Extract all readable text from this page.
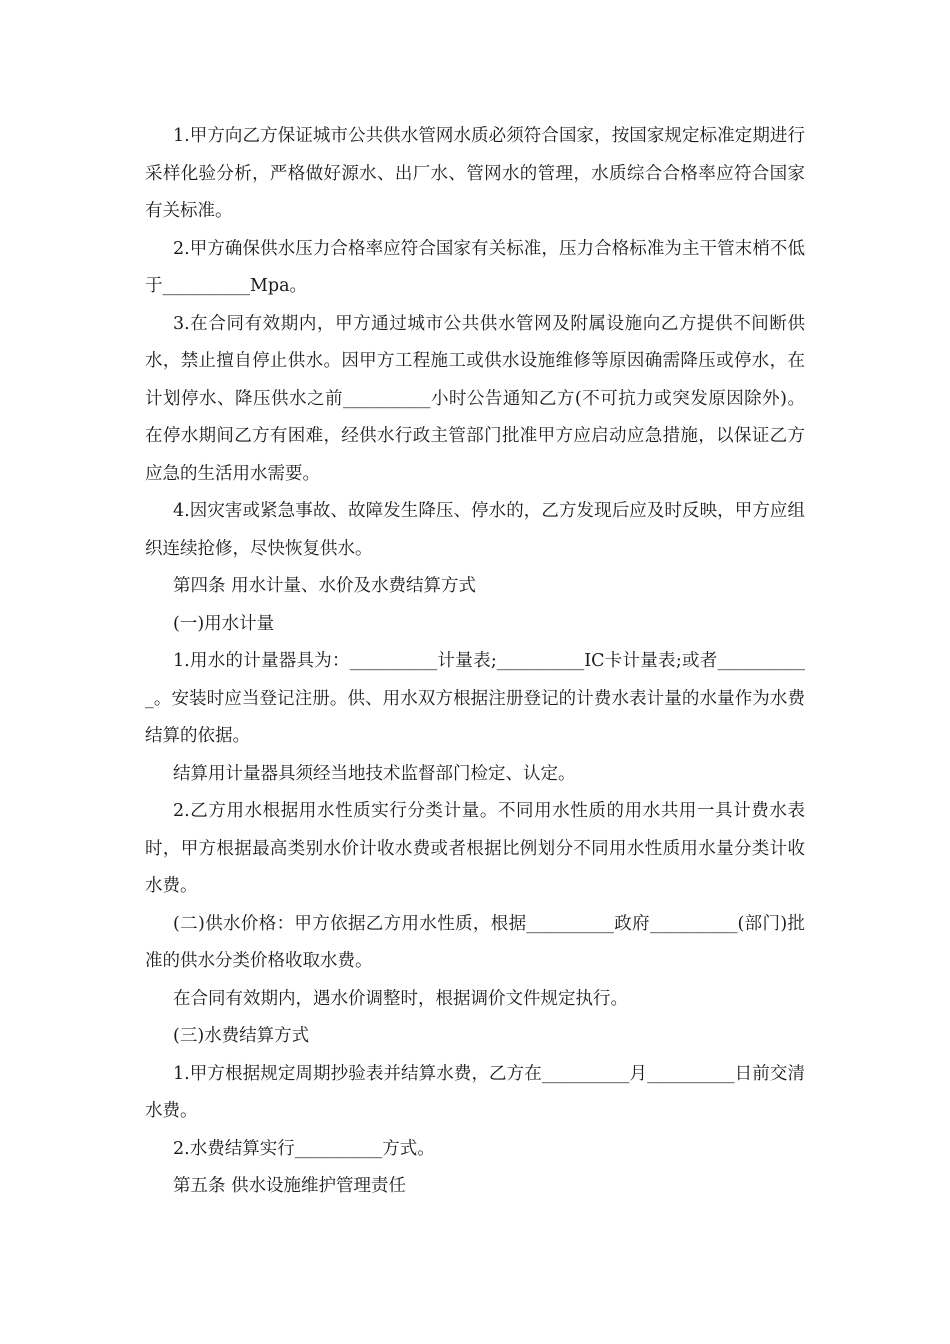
1.甲方向乙方保证城市公共供水管网水质必须符合国家，按国家规定标准定期进行采样化验分析，严格做好源水、出厂水、管网水的管理，水质综合合格率应符合国家有关标准。

2.甲方确保供水压力合格率应符合国家有关标准，压力合格标准为主干管末梢不低于__________Mpa。

3.在合同有效期内，甲方通过城市公共供水管网及附属设施向乙方提供不间断供水，禁止擅自停止供水。因甲方工程施工或供水设施维修等原因确需降压或停水，在计划停水、降压供水之前__________小时公告通知乙方(不可抗力或突发原因除外)。在停水期间乙方有困难，经供水行政主管部门批准甲方应启动应急措施，以保证乙方应急的生活用水需要。

4.因灾害或紧急事故、故障发生降压、停水的，乙方发现后应及时反映，甲方应组织连续抢修，尽快恢复供水。

第四条 用水计量、水价及水费结算方式

(一)用水计量

1.用水的计量器具为：__________计量表;__________IC卡计量表;或者___________。安装时应当登记注册。供、用水双方根据注册登记的计费水表计量的水量作为水费结算的依据。

结算用计量器具须经当地技术监督部门检定、认定。

2.乙方用水根据用水性质实行分类计量。不同用水性质的用水共用一具计费水表时，甲方根据最高类别水价计收水费或者根据比例划分不同用水性质用水量分类计收水费。

(二)供水价格：甲方依据乙方用水性质，根据__________政府__________(部门)批准的供水分类价格收取水费。

在合同有效期内，遇水价调整时，根据调价文件规定执行。

(三)水费结算方式

1.甲方根据规定周期抄验表并结算水费，乙方在__________月__________日前交清水费。

2.水费结算实行__________方式。

第五条 供水设施维护管理责任
